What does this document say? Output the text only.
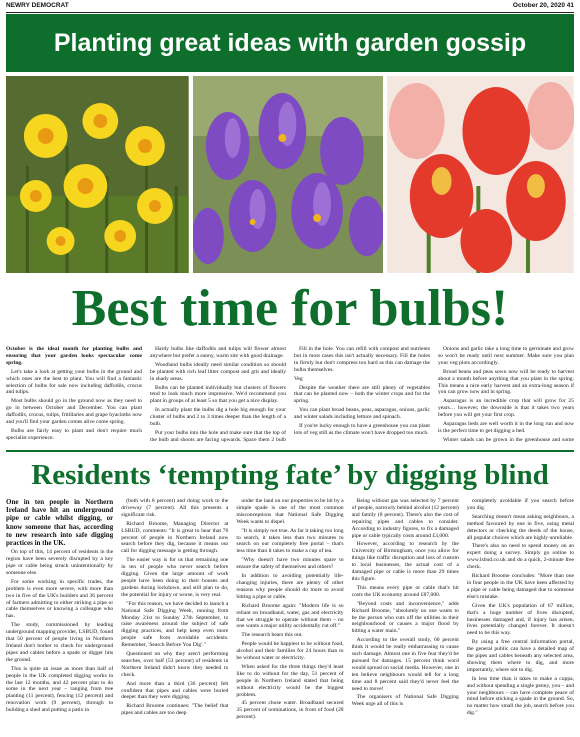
NEWRY DEMOCRAT	October 20, 2020 41
Planting great ideas with garden gossip
Best time for bulbs!

October is the ideal month for planting bulbs and ensuring that your garden looks spectacular come spring.

Let's take a look at getting your bulbs in the ground and which ones are the best to plant. You will find a fantastic selection of bulbs for sale now including daffodils, crocus and tulips.

Most bulbs should go in the ground now as they need to go in between October and December. You can plant daffodils, crocus, tulips, fritillaries and grape hyacinths now and you'll find your garden comes alive come spring.

Bulbs are fairly easy to plant and don't require much specialist experience.

Hardy bulbs like daffodils and tulips will flower almost anywhere but prefer a sunny, warm site with good drainage.

Woodland bulbs ideally need similar condition so should be planted with rich leaf litter compost and grit and ideally in shady areas.

Bulbs can be planted individually but clusters of flowers tend to look much more impressive. We'd recommend you plant in groups of at least 5 so that you get a nice display.

In actually plant the bulbs dig a hole big enough for your cluster of bulbs and 2 to 3 times deeper than the length of a bulb.

Put your bulbs into the hole and make sure that the top of the bulb and shoots are facing upwards. Space them 2 bulb

Fill in the hole. You can refill with compost and nutrients but in most cases this isn't actually necessary. Fill the holes in firmly but don't compress too hard as this can damage the bulbs themselves.

Veg

Despite the weather there are still plenty of vegetables that can be planted now – both the winter crops and for the spring.

You can plant broad beans, peas, asparagus, onions, garlic and winter salads including lettuce and spinach.

If you're lucky enough to have a greenhouse you can plant lots of veg still as the climate won't have dropped too much.

Onions and garlic take a long time to germinate and grow so won't be ready until next summer. Make sure you plan your veg plots accordingly.

Broad beans and peas sown now will be ready to harvest about a month before anything that you plant in the spring. This means a nice early harvest and an extra-long season if you can grow now and in spring.

Asparagus is an incredible crop that will grow for 25 years… however, the downside is that it takes two years before you will get your first crop.

Asparagus beds are well worth it in the long run and now is the perfect time to get digging a bed.

Winter salads can be grown in the greenhouse and some

Residents ‘tempting fate’ by digging blind

One in ten people in Northern Ireland have hit an underground pipe or cable whilst digging, or know someone that has, according to new research into safe digging practices in the UK.

On top of this, 14 percent of residents in the region have been severely disrupted by a key pipe or cable being struck unintentionally by someone else.

For some working in specific trades, the problem is even more severe, with more than two in five of the UK's builders and 36 percent of farmers admitting to either striking a pipe or cable themselves or knowing a colleague who has.

The study, commissioned by leading underground mapping provider, LSBUD, found that 50 percent of people living in Northern Ireland don't bother to check for underground pipes and cables before a spade or digger hits the ground.

This is quite an issue as more than half of people in the UK completed digging works in the last 12 months, and 42 percent plan to do some in the next year – ranging from tree planting (11 percent), fencing (12 percent) and renovation work (9 percent), through to building a shed and putting a patio in

(both with 8 percent) and doing work to the driveway (7 percent). All this presents a significant risk.

Richard Broome, Managing Director at LSBUD, comments: "It is great to hear that 70 percent of people in Northern Ireland now search before they dig, because it means our call for digging message is getting through.

The easier way is for us that remaining one in ten of people who never search before digging. Given the large amount of work people have been doing to their houses and gardens during lockdown, and still plan to do, the potential for injury or worse, is very real.

"For this reason, we have decided to launch a National Safe Digging Week, running from Monday 21st to Sunday 27th September, to raise awareness around the subject of safe digging practices, and help keep even more people safe from avoidable accidents. Remember, 'Search Before You Dig'."

Questioned on why they aren't performing searches, over half (53 percent) of residents in Northern Ireland didn't know they needed to check.

And more than a third (36 percent) felt confident that pipes and cables were buried deeper than they were digging.

Richard Broome continues: "The belief that pipes and cables are too deep

under the land on our properties to be hit by a simple spade is one of the most common misconceptions that National Safe Digging Week wants to dispel.

"It is simply not true. As far it taking too long to search, it takes less than two minutes to search on our completely free portal – that's less time than it takes to make a cup of tea.

"Why doesn't have two minutes spare to ensure the safety of themselves and others?

In addition to avoiding potentially life-changing injuries, there are plenty of other reasons why people should do more to avoid hitting a pipe or cable.

Richard Broome again: "Modern life is so reliant on broadband, water, gas and electricity that we struggle to operate without them – no one wants a major utility accidentally cut off."

The research bears this out.

People would be happiest to be without food, alcohol and their families for 24 hours than to be without water or electricity.

When asked for the three things they'd least like to do without for the day, 51 percent of people in Northern Ireland stated that being without electricity would be the biggest problem.

45 percent chose water. Broadband secured 35 percent of nominations, in front of food (28 percent).

Being without gas was selected by 7 percent of people, narrowly behind alcohol (12 percent) and family (8 percent). There's also the cost of repairing pipes and cables to consider. According to industry figures, to fix a damaged pipe or cable typically costs around £3,000.

However, according to research by the University of Birmingham, once you allow for things like traffic disruption and loss of custom to local businesses, the actual cost of a damaged pipe or cable is more than 29 times this figure.

This means every pipe or cable that's hit costs the UK economy around £87,000.

"Beyond costs and inconvenience," adds Richard Broome, "absolutely no one wants to be the person who cuts off the utilities in their neighbourhood or causes a major flood by hitting a water main."

According to the overall study, 60 percent think it would be really embarrassing to cause such damage. Almost one in five fear they'd be pursued for damages. 15 percent think word would spread on social media. However, one in ten believe neighbours would tell for a long time and 8 percent said they'd never feel the need to move!

The organisers of National Safe Digging Week urge all of this is

completely avoidable if you search before you dig.

Searching doesn't mean asking neighbours, a method favoured by one in five, using metal detectors or checking the deeds of the house, all popular choices which are highly unreliable.

There's also no need to spend money on an expert doing a survey. Simply go online to www.lsbud.co.uk and do a quick, 2-minute free check.

Richard Broome concludes: "More than one in four people in the UK have been affected by a pipe or cable being damaged due to someone else's mistake.

Given the UK's population of 67 million, that's a huge number of lives disrupted, businesses damaged and, if injury has arisen, lives potentially changed forever. It doesn't need to be this way.

By using a free central information portal, the general public can have a detailed map of the pipes and cables beneath any selected area, showing them where to dig, and more importantly, where not to dig.

In less time than it takes to make a cuppa, and without spending a single penny, you – and your neighbours – can have complete peace of mind before sticking a spade in the ground. So, no matter how small the job, search before you dig."
